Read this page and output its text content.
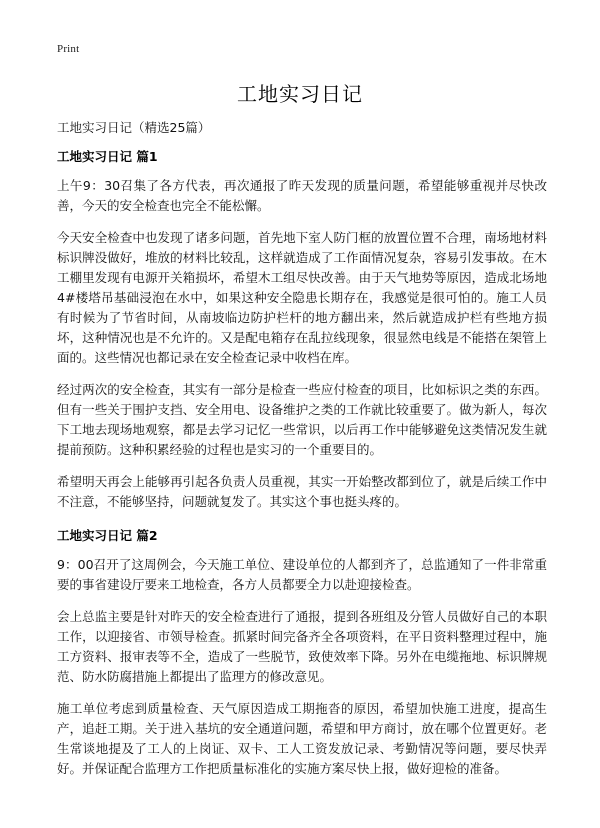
Print
工地实习日记

工地实习日记（精选25篇）

工地实习日记 篇1

上午9：30召集了各方代表，再次通报了昨天发现的质量问题，希望能够重视并尽快改善，今天的安全检查也完全不能松懈。

今天安全检查中也发现了诸多问题，首先地下室人防门框的放置位置不合理，南场地材料标识牌没做好，堆放的材料比较乱，这样就造成了工作面情况复杂，容易引发事故。在木工棚里发现有电源开关箱损坏，希望木工组尽快改善。由于天气地势等原因，造成北场地4#楼塔吊基础浸泡在水中，如果这种安全隐患长期存在，我感觉是很可怕的。施工人员有时候为了节省时间，从南坡临边防护栏杆的地方翻出来，然后就造成护栏有些地方损坏，这种情况也是不允许的。又是配电箱存在乱拉线现象，很显然电线是不能搭在架管上面的。这些情况也都记录在安全检查记录中收档在库。

经过两次的安全检查，其实有一部分是检查一些应付检查的项目，比如标识之类的东西。但有一些关于围护支挡、安全用电、设备维护之类的工作就比较重要了。做为新人，每次下工地去现场地观察，都是去学习记忆一些常识，以后再工作中能够避免这类情况发生就提前预防。这种积累经验的过程也是实习的一个重要目的。

希望明天再会上能够再引起各负责人员重视，其实一开始整改都到位了，就是后续工作中不注意，不能够坚持，问题就复发了。其实这个事也挺头疼的。

工地实习日记 篇2

9：00召开了这周例会，今天施工单位、建设单位的人都到齐了，总监通知了一件非常重要的事省建设厅要来工地检查，各方人员都要全力以赴迎接检查。

会上总监主要是针对昨天的安全检查进行了通报，提到各班组及分管人员做好自己的本职工作，以迎接省、市领导检查。抓紧时间完备齐全各项资料，在平日资料整理过程中，施工方资料、报审表等不全，造成了一些脱节，致使效率下降。另外在电缆拖地、标识牌规范、防水防腐措施上都提出了监理方的修改意见。

施工单位考虑到质量检查、天气原因造成工期拖沓的原因，希望加快施工进度，提高生产，追赶工期。关于进入基坑的安全通道问题，希望和甲方商讨，放在哪个位置更好。老生常谈地提及了工人的上岗证、双卡、工人工资发放记录、考勤情况等问题，要尽快弄好。并保证配合监理方工作把质量标准化的实施方案尽快上报，做好迎检的准备。
